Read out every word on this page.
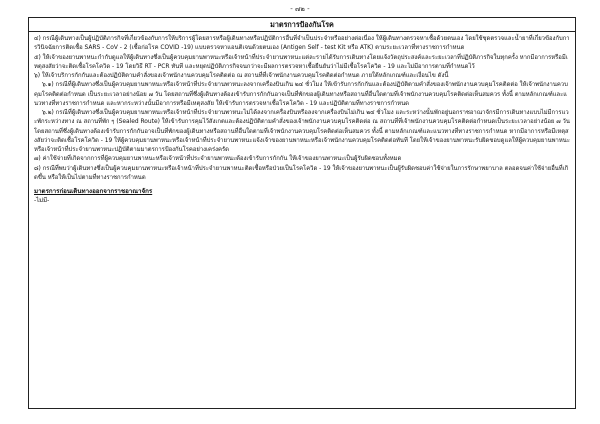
- ๗๒ -
มาตรการป้องกันโรค

๔) กรณีผู้เดินทางเป็นผู้ปฏิบัติภารกิจที่เกี่ยวข้องกับการให้บริการผู้โดยสารหรือผู้เดินทางหรือปฏิบัติการอื่นที่จำเป็นประจำหรืออย่างต่อเนื่อง ให้ผู้เดินทางตรวจหาเชื้อด้วยตนเอง โดยใช้ชุดตรวจและน้ำยาที่เกี่ยวข้องกับการวินิจฉัยการติดเชื้อ SARS - CoV - 2 (เชื้อก่อโรค COVID -19) แบบตรวจหาแอนติเจนด้วยตนเอง (Antigen Self - test Kit หรือ ATK) ตามระยะเวลาที่ทางราชการกำหนด

๕) ให้เจ้าของยานพาหนะกำกับดูแลให้ผู้เดินทางซึ่งเป็นผู้ควบคุมยานพาหนะหรือเจ้าหน้าที่ประจำยานพาหนะแต่ละรายได้รับการเดินทางโดยแจ้งวัตถุประสงค์และระยะเวลาที่ปฏิบัติภารกิจในทุกครั้ง หากมีอาการหรือมีเหตุสงสัยว่าจะติดเชื้อโรคโควิด - 19 โดยวิธี RT - PCR ทันที และหยุดปฏิบัติภารกิจจนกว่าจะมีผลการตรวจหาเชื้อยืนยันว่าไม่มีเชื้อโรคโควิด - 19 และไม่มีอาการตามที่กำหนดไว้

๖) ให้เจ้าบริการกักกันและต้องปฏิบัติตามคำสั่งของเจ้าพนักงานควบคุมโรคติดต่อ ณ สถานที่ที่เจ้าพนักงานควบคุมโรคติดต่อกำหนด ภายใต้หลักเกณฑ์และเงื่อนไข ดังนี้

๖.๑) กรณีที่ผู้เดินทางซึ่งเป็นผู้ควบคุมยานพาหนะหรือเจ้าหน้าที่ประจำยานพาหนะลงจากเครื่องบินเกิน ๒๔ ชั่วโมง ให้เข้ารับการกักกันและต้องปฏิบัติตามคำสั่งของเจ้าพนักงานควบคุมโรคติดต่อ ให้เจ้าพนักงานควบคุมโรคติดต่อกำหนด เป็นระยะเวลาอย่างน้อย ๗ วัน โดยสถานที่ซึ่งผู้เดินทางต้องเข้ารับการกักกันอาจเป็นที่พักของผู้เดินทางหรือสถานที่อื่นใดตามที่เจ้าพนักงานควบคุมโรคติดต่อเห็นสมควร ทั้งนี้ ตามหลักเกณฑ์และแนวทางที่ทางราชการกำหนด และหากระหว่างนั้นมีอาการหรือมีเหตุสงสัย ให้เข้ารับการตรวจหาเชื้อโรคโควิด - 19 และปฏิบัติตามที่ทางราชการกำหนด

๖.๒) กรณีที่ผู้เดินทางซึ่งเป็นผู้ควบคุมยานพาหนะหรือเจ้าหน้าที่ประจำยานพาหนะไม่ได้ลงจากเครื่องบินหรือลงจากเครื่องบินไม่เกิน ๒๔ ชั่วโมง และระหว่างนั้นพักอยู่นอกราชอาณาจักรมีการเดินทางแบบไม่มีการแวะพักระหว่างทาง ณ สถานที่พัก ๆ (Sealed Route) ให้เข้ารับการคุมไว้สังเกตและต้องปฏิบัติตามคำสั่งของเจ้าพนักงานควบคุมโรคติดต่อ ณ สถานที่ที่เจ้าพนักงานควบคุมโรคติดต่อกำหนดเป็นระยะเวลาอย่างน้อย ๗ วัน โดยสถานที่ซึ่งผู้เดินทางต้องเข้ารับการกักกันอาจเป็นที่พักของผู้เดินทางหรือสถานที่อื่นใดตามที่เจ้าพนักงานควบคุมโรคติดต่อเห็นสมควร ทั้งนี้ ตามหลักเกณฑ์และแนวทางที่ทางราชการกำหนด หากมีอาการหรือมีเหตุสงสัยว่าจะติดเชื้อโรคโควิด - 19 ให้ผู้ควบคุมยานพาหนะหรือเจ้าหน้าที่ประจำยานพาหนะแจ้งเจ้าของยานพาหนะหรือเจ้าพนักงานควบคุมโรคติดต่อทันที โดยให้เจ้าของยานพาหนะรับผิดชอบดูแลให้ผู้ควบคุมยานพาหนะหรือเจ้าหน้าที่ประจำยานพาหนะปฏิบัติตามมาตรการป้องกันโรคอย่างเคร่งครัด

๗) ค่าใช้จ่ายที่เกิดจากการที่ผู้ควบคุมยานพาหนะหรือเจ้าหน้าที่ประจำยานพาหนะต้องเข้ารับการกักกัน ให้เจ้าของยานพาหนะเป็นผู้รับผิดชอบทั้งหมด

๘) กรณีที่พบว่าผู้เดินทางซึ่งเป็นผู้ควบคุมยานพาหนะหรือเจ้าหน้าที่ประจำยานพาหนะติดเชื้อหรือป่วยเป็นโรคโควิด - 19 ให้เจ้าของยานพาหนะเป็นผู้รับผิดชอบค่าใช้จ่ายในการรักษาพยาบาล ตลอดจนค่าใช้จ่ายอื่นที่เกิดขึ้น หรือให้เป็นไปตามที่ทางราชการกำหนด

มาตรการก่อนเดินทางออกจากราชอาณาจักร

-ไม่มี-
